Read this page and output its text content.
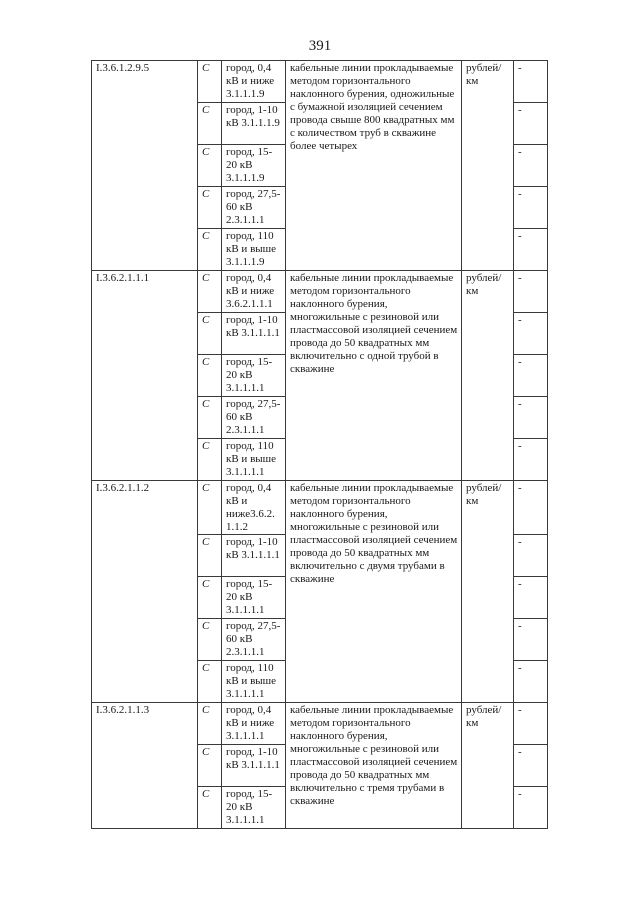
391
I.3.6.1.2.9.5	С	город, 0,4 кВ и ниже 3.1.1.1.9	кабельные линии прокладываемые методом горизонтального наклонного бурения, одножильные с бумажной изоляцией сечением провода свыше 800 квадратных мм с количеством труб в скважине более четырех	рублей/ км	-
	С	город, 1-10 кВ 3.1.1.1.9			-
	С	город, 15-20 кВ 3.1.1.1.9			-
	С	город, 27,5-60 кВ 2.3.1.1.1			-
	С	город, 110 кВ и выше 3.1.1.1.9			-
I.3.6.2.1.1.1	С	город, 0,4 кВ и ниже 3.6.2.1.1.1	кабельные линии прокладываемые методом горизонтального наклонного бурения, многожильные с резиновой или пластмассовой изоляцией сечением провода до 50 квадратных мм включительно с одной трубой в скважине	рублей/ км	-
	С	город, 1-10 кВ 3.1.1.1.1			-
	С	город, 15-20 кВ 3.1.1.1.1			-
	С	город, 27,5-60 кВ 2.3.1.1.1			-
	С	город, 110 кВ и выше 3.1.1.1.1			-
I.3.6.2.1.1.2	С	город, 0,4 кВ и ниже3.6.2. 1.1.2	кабельные линии прокладываемые методом горизонтального наклонного бурения, многожильные с резиновой или пластмассовой изоляцией сечением провода до 50 квадратных мм включительно с двумя трубами в скважине	рублей/ км	-
	С	город, 1-10 кВ 3.1.1.1.1			-
	С	город, 15-20 кВ 3.1.1.1.1			-
	С	город, 27,5-60 кВ 2.3.1.1.1			-
	С	город, 110 кВ и выше 3.1.1.1.1			-
I.3.6.2.1.1.3	С	город, 0,4 кВ и ниже 3.1.1.1.1	кабельные линии прокладываемые методом горизонтального наклонного бурения, многожильные с резиновой или пластмассовой изоляцией сечением провода до 50 квадратных мм включительно с тремя трубами в скважине	рублей/ км	-
	С	город, 1-10 кВ 3.1.1.1.1			-
	С	город, 15-20 кВ 3.1.1.1.1			-
